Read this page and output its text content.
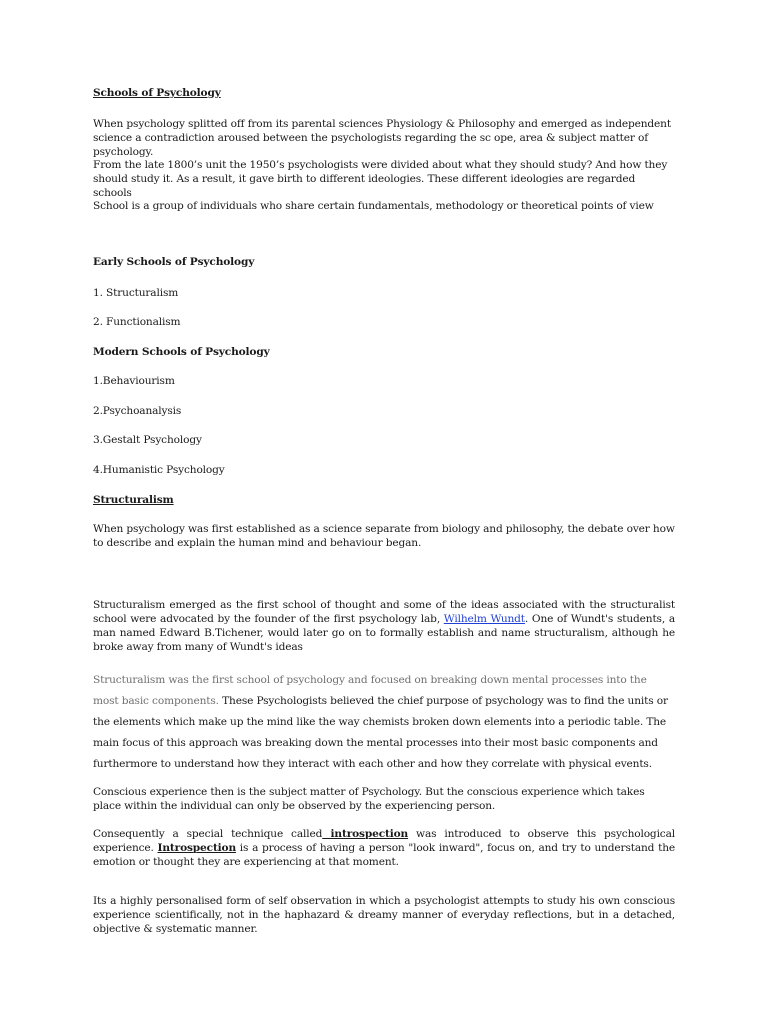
Schools of Psychology
When psychology splitted off from its parental sciences Physiology & Philosophy and emerged as independent science a contradiction aroused between the psychologists regarding the sc ope, area & subject matter of psychology.
From the late 1800’s unit the 1950’s psychologists were divided about what they should study? And how they should study it. As a result, it gave birth to different ideologies. These different ideologies are regarded schools
School is a group of individuals who share certain fundamentals, methodology or theoretical points of view
Early Schools of Psychology
1. Structuralism
2. Functionalism
Modern Schools of Psychology
1.Behaviourism
2.Psychoanalysis
3.Gestalt Psychology
4.Humanistic Psychology
Structuralism
When psychology was first established as a science separate from biology and philosophy, the debate over how to describe and explain the human mind and behaviour began.
Structuralism emerged as the first school of thought and some of the ideas associated with the structuralist school were advocated by the founder of the first psychology lab, Wilhelm Wundt. One of Wundt's students, a man named Edward B.Tichener, would later go on to formally establish and name structuralism, although he broke away from many of Wundt's ideas
Structuralism was the first school of psychology and focused on breaking down mental processes into the most basic components. These Psychologists believed the chief purpose of psychology was to find the units or the elements which make up the mind like the way chemists broken down elements into a periodic table. The main focus of this approach was breaking down the mental processes into their most basic components and furthermore to understand how they interact with each other and how they correlate with physical events.
Conscious experience then is the subject matter of Psychology. But the conscious experience which takes place within the individual can only be observed by the experiencing person.
Consequently a special technique called introspection was introduced to observe this psychological experience. Introspection is a process of having a person "look inward", focus on, and try to understand the emotion or thought they are experiencing at that moment.
Its a highly personalised form of self observation in which a psychologist attempts to study his own conscious experience scientifically, not in the haphazard & dreamy manner of everyday reflections, but in a detached, objective & systematic manner.
